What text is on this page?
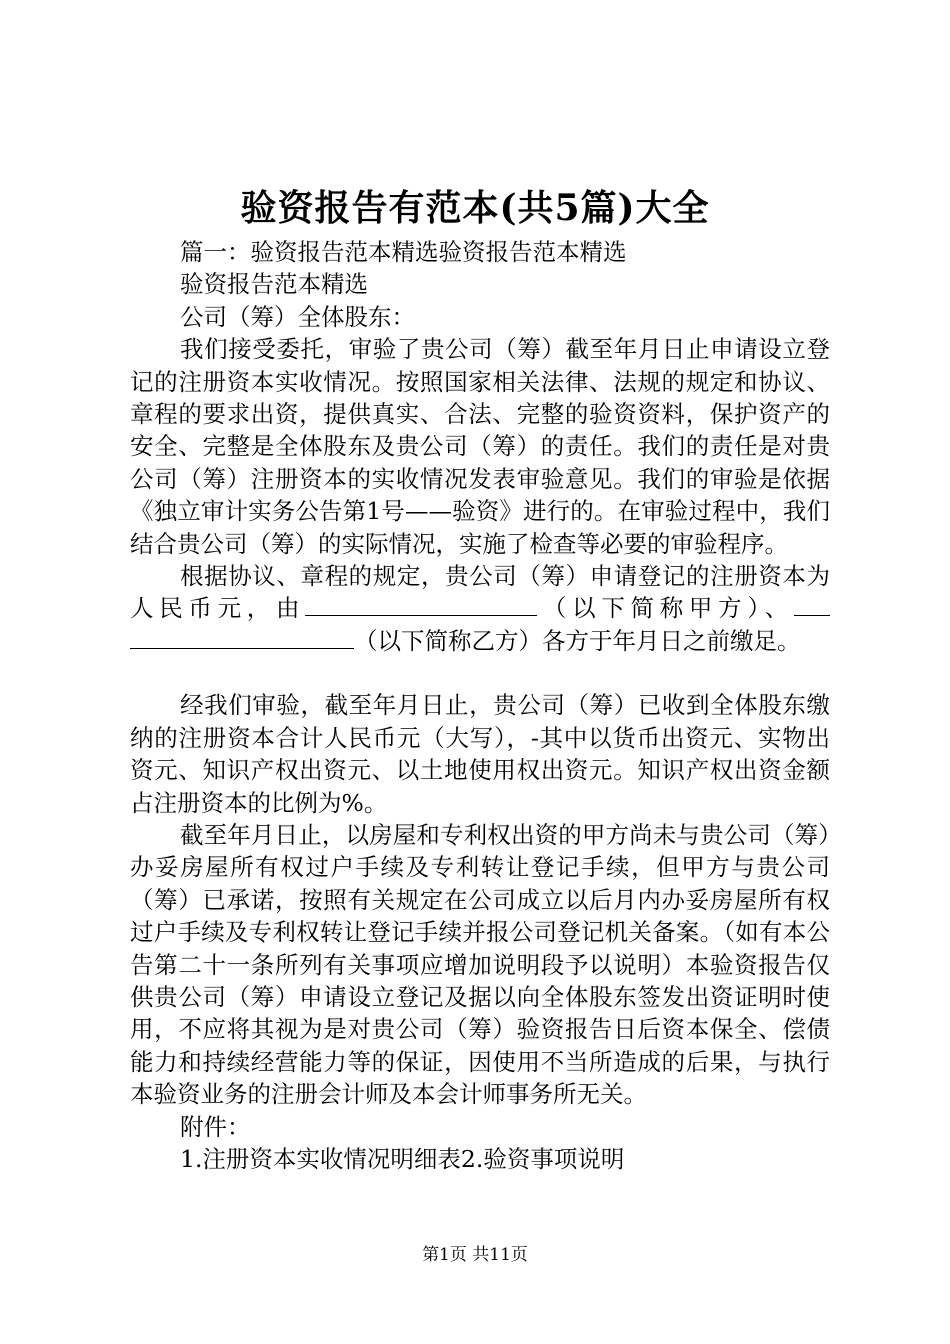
验资报告有范本(共5篇)大全

篇一：验资报告范本精选验资报告范本精选

验资报告范本精选

公司（筹）全体股东：

我们接受委托，审验了贵公司（筹）截至年月日止申请设立登记的注册资本实收情况。按照国家相关法律、法规的规定和协议、章程的要求出资，提供真实、合法、完整的验资资料，保护资产的安全、完整是全体股东及贵公司（筹）的责任。我们的责任是对贵公司（筹）注册资本的实收情况发表审验意见。我们的审验是依据《独立审计实务公告第1号——验资》进行的。在审验过程中，我们结合贵公司（筹）的实际情况，实施了检查等必要的审验程序。

根据协议、章程的规定，贵公司（筹）申请登记的注册资本为人民币元，由	（以下简称甲方）、（以下简称乙方）各方于年月日之前缴足。

经我们审验，截至年月日止，贵公司（筹）已收到全体股东缴纳的注册资本合计人民币元（大写），-其中以货币出资元、实物出资元、知识产权出资元、以土地使用权出资元。知识产权出资金额占注册资本的比例为%。

截至年月日止，以房屋和专利权出资的甲方尚未与贵公司（筹）办妥房屋所有权过户手续及专利转让登记手续，但甲方与贵公司（筹）已承诺，按照有关规定在公司成立以后月内办妥房屋所有权过户手续及专利权转让登记手续并报公司登记机关备案。（如有本公告第二十一条所列有关事项应增加说明段予以说明）本验资报告仅供贵公司（筹）申请设立登记及据以向全体股东签发出资证明时使用，不应将其视为是对贵公司（筹）验资报告日后资本保全、偿债能力和持续经营能力等的保证，因使用不当所造成的后果，与执行本验资业务的注册会计师及本会计师事务所无关。

附件：

1.注册资本实收情况明细表2.验资事项说明

第1页 共11页
